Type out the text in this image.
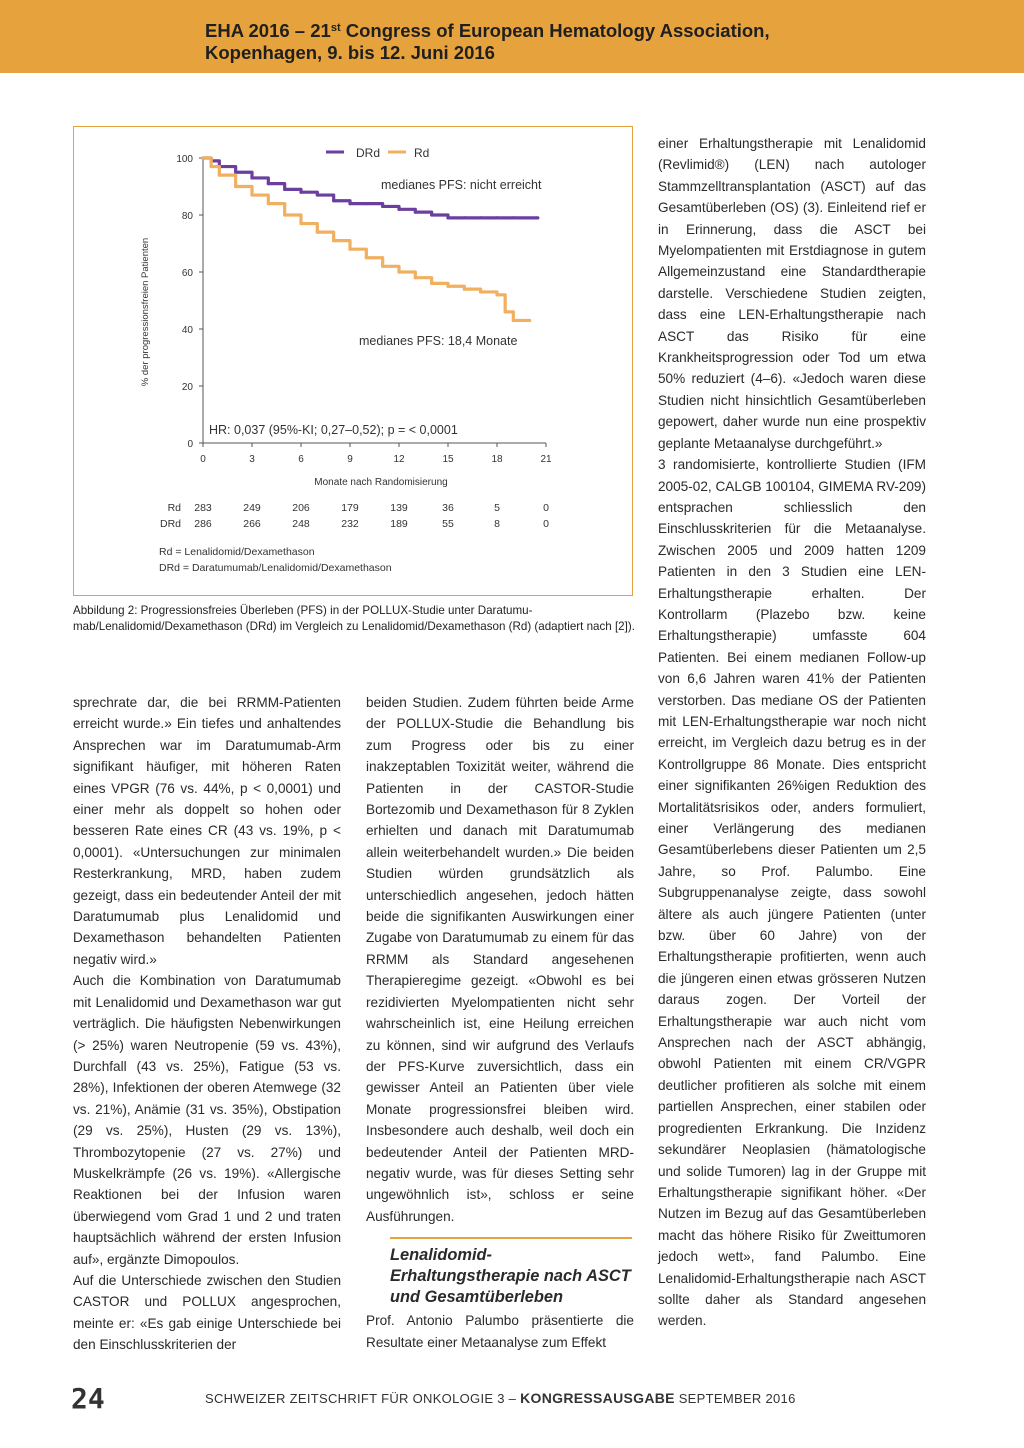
EHA 2016 – 21st Congress of European Hematology Association,
Kopenhagen, 9. bis 12. Juni 2016
0
20
40
60
80
100
0	3	6	9	12	15	18	21
DRd	Rd
medianes PFS: nicht erreicht
medianes PFS: 18,4 Monate
HR: 0,037 (95%-KI; 0,27–0,52); p = < 0,0001
Monate nach Randomisierung
% der progressionsfreien Patienten
Rd 283	249	206	179	139	36	5	0
DRd 286	266	248	232	189	55	8	0
Rd = Lenalidomid/Dexamethason
DRd = Daratumumab/Lenalidomid/Dexamethason

Abbildung 2: Progressionsfreies Überleben (PFS) in der POLLUX-Studie unter Daratumumab/Lenalidomid/Dexamethason (DRd) im Vergleich zu Lenalidomid/Dexamethason (Rd) (adaptiert nach [2]).

sprechrate dar, die bei RRMM-Patienten erreicht wurde.» Ein tiefes und anhaltendes Ansprechen war im Daratumumab-Arm signifikant häufiger, mit höheren Raten eines VPGR (76 vs. 44%, p < 0,0001) und einer mehr als doppelt so hohen oder besseren Rate eines CR (43 vs. 19%, p < 0,0001). «Untersuchungen zur minimalen Resterkrankung, MRD, haben zudem gezeigt, dass ein bedeutender Anteil der mit Daratumumab plus Lenalidomid und Dexamethason behandelten Patienten negativ wird.»

Auch die Kombination von Daratumumab mit Lenalidomid und Dexamethason war gut verträglich. Die häufigsten Nebenwirkungen (> 25%) waren Neutropenie (59 vs. 43%), Durchfall (43 vs. 25%), Fatigue (53 vs. 28%), Infektionen der oberen Atemwege (32 vs. 21%), Anämie (31 vs. 35%), Obstipation (29 vs. 25%), Husten (29 vs. 13%), Thrombozytopenie (27 vs. 27%) und Muskelkrämpfe (26 vs. 19%). «Allergische Reaktionen bei der Infusion waren überwiegend vom Grad 1 und 2 und traten hauptsächlich während der ersten Infusion auf», ergänzte Dimopoulos.

Auf die Unterschiede zwischen den Studien CASTOR und POLLUX angesprochen, meinte er: «Es gab einige Unterschiede bei den Einschlusskriterien der

beiden Studien. Zudem führten beide Arme der POLLUX-Studie die Behandlung bis zum Progress oder bis zu einer inakzeptablen Toxizität weiter, während die Patienten in der CASTOR-Studie Bortezomib und Dexamethason für 8 Zyklen erhielten und danach mit Daratumumab allein weiterbehandelt wurden.» Die beiden Studien würden grundsätzlich als unterschiedlich angesehen, jedoch hätten beide die signifikanten Auswirkungen einer Zugabe von Daratumumab zu einem für das RRMM als Standard angesehenen Therapieregime gezeigt. «Obwohl es bei rezidivierten Myelompatienten nicht sehr wahrscheinlich ist, eine Heilung erreichen zu können, sind wir aufgrund des Verlaufs der PFS-Kurve zuversichtlich, dass ein gewisser Anteil an Patienten über viele Monate progressionsfrei bleiben wird. Insbesondere auch deshalb, weil doch ein bedeutender Anteil der Patienten MRD-negativ wurde, was für dieses Setting sehr ungewöhnlich ist», schloss er seine Ausführungen.

Lenalidomid-Erhaltungstherapie nach ASCT und Gesamtüberleben

Prof. Antonio Palumbo präsentierte die Resultate einer Metaanalyse zum Effekt

einer Erhaltungstherapie mit Lenalidomid (Revlimid®) (LEN) nach autologer Stammzelltransplantation (ASCT) auf das Gesamtüberleben (OS) (3). Einleitend rief er in Erinnerung, dass die ASCT bei Myelompatienten mit Erstdiagnose in gutem Allgemeinzustand eine Standardtherapie darstelle. Verschiedene Studien zeigten, dass eine LEN-Erhaltungstherapie nach ASCT das Risiko für eine Krankheitsprogression oder Tod um etwa 50% reduziert (4–6). «Jedoch waren diese Studien nicht hinsichtlich Gesamtüberleben gepowert, daher wurde nun eine prospektiv geplante Metaanalyse durchgeführt.»

3 randomisierte, kontrollierte Studien (IFM 2005-02, CALGB 100104, GIMEMA RV-209) entsprachen schliesslich den Einschlusskriterien für die Metaanalyse. Zwischen 2005 und 2009 hatten 1209 Patienten in den 3 Studien eine LEN-Erhaltungstherapie erhalten. Der Kontrollarm (Plazebo bzw. keine Erhaltungstherapie) umfasste 604 Patienten. Bei einem medianen Follow-up von 6,6 Jahren waren 41% der Patienten verstorben. Das mediane OS der Patienten mit LEN-Erhaltungstherapie war noch nicht erreicht, im Vergleich dazu betrug es in der Kontrollgruppe 86 Monate. Dies entspricht einer signifikanten 26%igen Reduktion des Mortalitätsrisikos oder, anders formuliert, einer Verlängerung des medianen Gesamtüberlebens dieser Patienten um 2,5 Jahre, so Prof. Palumbo. Eine Subgruppenanalyse zeigte, dass sowohl ältere als auch jüngere Patienten (unter bzw. über 60 Jahre) von der Erhaltungstherapie profitierten, wenn auch die jüngeren einen etwas grösseren Nutzen daraus zogen. Der Vorteil der Erhaltungstherapie war auch nicht vom Ansprechen nach der ASCT abhängig, obwohl Patienten mit einem CR/VGPR deutlicher profitieren als solche mit einem partiellen Ansprechen, einer stabilen oder progredienten Erkrankung. Die Inzidenz sekundärer Neoplasien (hämatologische und solide Tumoren) lag in der Gruppe mit Erhaltungstherapie signifikant höher. «Der Nutzen im Bezug auf das Gesamtüberleben macht das höhere Risiko für Zweittumoren jedoch wett», fand Palumbo. Eine Lenalidomid-Erhaltungstherapie nach ASCT sollte daher als Standard angesehen werden.

24	SCHWEIZER ZEITSCHRIFT FÜR ONKOLOGIE 3 – KONGRESSAUSGABE SEPTEMBER 2016
